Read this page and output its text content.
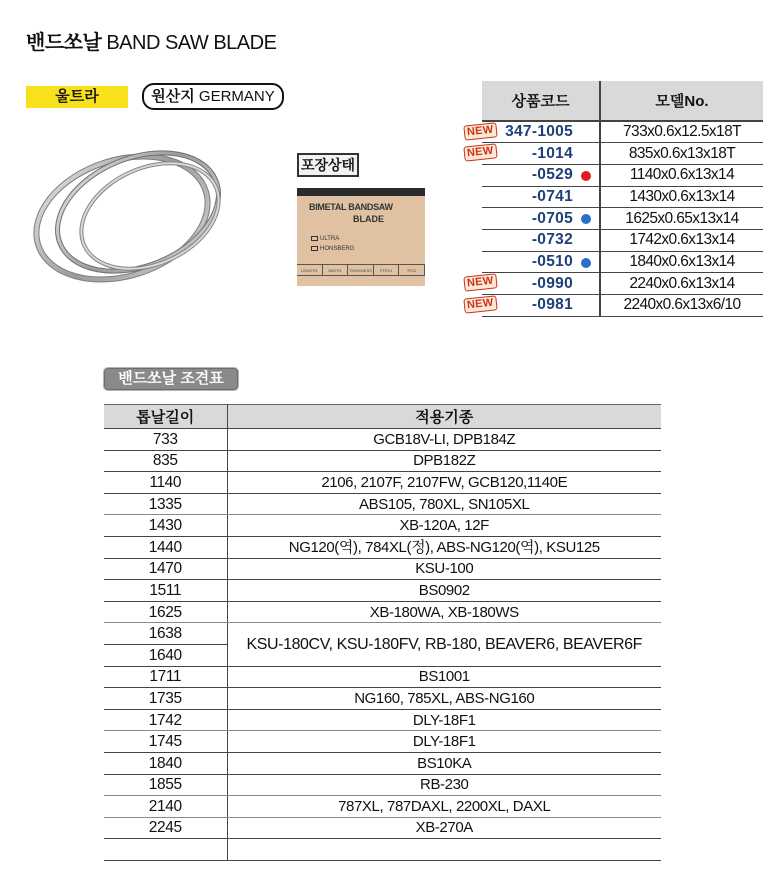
밴드쏘날 BAND SAW BLADE
울트라	원산지 GERMANY
포장상태
BIMETAL BANDSAW
BLADE
ULTRA
HONSBERG
LENGTH	WIDTH	THICKNESS	PITCH	PCS
상품코드	모델No.

NEW 347-1005	733x0.6x12.5x18T

NEW -1014	835x0.6x13x18T
-0529	1140x0.6x13x14
-0741	1430x0.6x13x14
-0705	1625x0.65x13x14
-0732	1742x0.6x13x14
-0510	1840x0.6x13x14

NEW -0990	2240x0.6x13x14

NEW -0981	2240x0.6x13x6/10
밴드쏘날 조견표
톱날길이	적용기종
733	GCB18V-LI, DPB184Z
835	DPB182Z
1140	2106, 2107F, 2107FW, GCB120,1140E
1335	ABS105, 780XL, SN105XL
1430	XB-120A, 12F
1440	NG120(역), 784XL(정), ABS-NG120(역), KSU125
1470	KSU-100
1511	BS0902
1625	XB-180WA, XB-180WS
1638	KSU-180CV, KSU-180FV, RB-180, BEAVER6, BEAVER6F
1640	
1711	BS1001
1735	NG160, 785XL, ABS-NG160
1742	DLY-18F1
1745	DLY-18F1
1840	BS10KA
1855	RB-230
2140	787XL, 787DAXL, 2200XL, DAXL
2245	XB-270A
